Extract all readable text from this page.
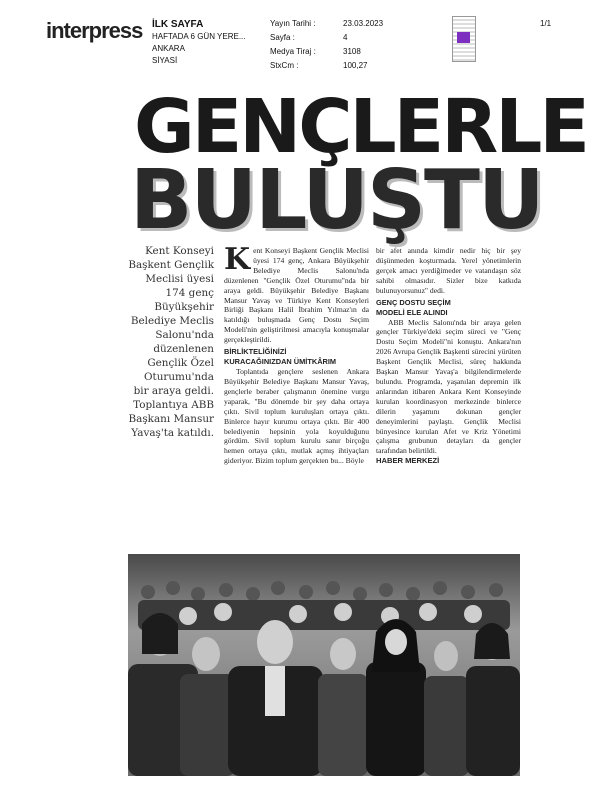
interpress İLK SAYFA
HAFTADA 6 GÜN YERE...
ANKARA
SİYASİ
Yayın Tarihi :	23.03.2023
Sayfa :	4
Medya Tiraj :	3108
StxCm :	100,27
1/1
GENÇLERLE
BULUŞTU
Kent Konseyi Başkent Gençlik Meclisi üyesi 174 genç Büyükşehir Belediye Meclis Salonu'nda düzenlenen Gençlik Özel Oturumu'nda bir araya geldi. Toplantıya ABB Başkanı Mansur Yavaş'ta katıldı.

Kent Konseyi Başkent Gençlik Meclisi üyesi 174 genç, Ankara Büyükşehir Belediye Meclis Salonu'nda düzenlenen "Gençlik Özel Oturumu"nda bir araya geldi. Büyükşehir Belediye Başkanı Mansur Yavaş ve Türkiye Kent Konseyleri Birliği Başkanı Halil İbrahim Yılmaz'ın da katıldığı buluşmada Genç Dostu Seçim Modeli'nin geliştirilmesi amacıyla konuşmalar gerçekleştirildi.

BİRLİKTELİĞİNİZİ
KURACAĞINIZDAN ÜMİTKÂRIM

Toplantıda gençlere seslenen Ankara Büyükşehir Belediye Başkanı Mansur Yavaş, gençlerle beraber çalışmanın önemine vurgu yaparak, "Bu dönemde bir şey daha ortaya çıktı. Sivil toplum kuruluşları ortaya çıktı. Binlerce hayır kurumu ortaya çıktı. Bir 400 belediyenin hepsinin yola koyulduğunu gördüm. Sivil toplum kurulu sanır birçoğu hemen ortaya çıktı, mutlak açmış ihtiyaçları gideriyor. Bizim toplum gerçekten bu... Böyle

bir afet anında kimdir nedir hiç bir şey düşünmeden koşturmada. Yerel yönetimlerin gerçek amacı yerdiğimeder ve vatandaşın söz sahibi olmasıdır. Sizler bize katkıda bulunuyorsunuz" dedi.

GENÇ DOSTU SEÇİM
MODELİ ELE ALINDI

ABB Meclis Salonu'nda bir araya gelen gençler Türkiye'deki seçim süreci ve "Genç Dostu Seçim Modeli"ni konuştu. Ankara'nın 2026 Avrupa Gençlik Başkenti sürecini yürüten Başkent Gençlik Meclisi, süreç hakkında Başkan Mansur Yavaş'a bilgilendirmelerde bulundu. Programda, yaşanılan depremin ilk anlarından itibaren Ankara Kent Konseyinde kurulan koordinasyon merkezinde binlerce dilerin yaşamını dokunan gençler deneyimlerini paylaştı. Gençlik Meclisi bünyesince kurulan Afet ve Kriz Yönetimi çalışma grubunun detayları da gençler tarafından belirtildi.

HABER MERKEZİ
